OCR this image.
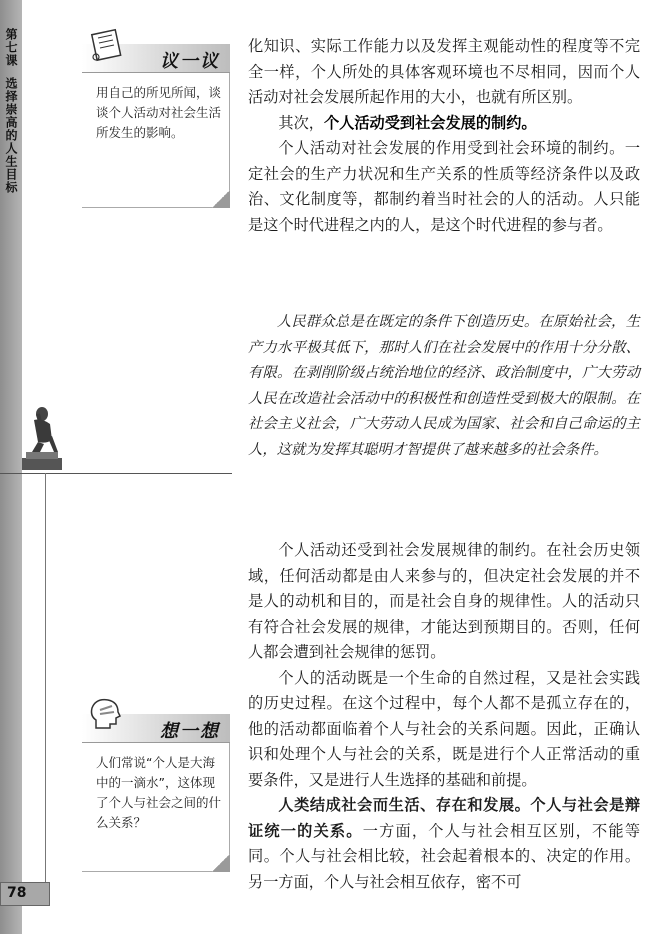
第七课选择崇高的人生目标
议一议
用自己的所见所闻，谈谈个人活动对社会生活所发生的影响。
想一想
人们常说“个人是大海中的一滴水”，这体现了个人与社会之间的什么关系？
78

化知识、实际工作能力以及发挥主观能动性的程度等不完全一样，个人所处的具体客观环境也不尽相同，因而个人活动对社会发展所起作用的大小，也就有所区别。

其次，个人活动受到社会发展的制约。

个人活动对社会发展的作用受到社会环境的制约。一定社会的生产力状况和生产关系的性质等经济条件以及政治、文化制度等，都制约着当时社会的人的活动。人只能是这个时代进程之内的人，是这个时代进程的参与者。

人民群众总是在既定的条件下创造历史。在原始社会，生产力水平极其低下，那时人们在社会发展中的作用十分分散、有限。在剥削阶级占统治地位的经济、政治制度中，广大劳动人民在改造社会活动中的积极性和创造性受到极大的限制。在社会主义社会，广大劳动人民成为国家、社会和自己命运的主人，这就为发挥其聪明才智提供了越来越多的社会条件。

个人活动还受到社会发展规律的制约。在社会历史领域，任何活动都是由人来参与的，但决定社会发展的并不是人的动机和目的，而是社会自身的规律性。人的活动只有符合社会发展的规律，才能达到预期目的。否则，任何人都会遭到社会规律的惩罚。

个人的活动既是一个生命的自然过程，又是社会实践的历史过程。在这个过程中，每个人都不是孤立存在的，他的活动都面临着个人与社会的关系问题。因此，正确认识和处理个人与社会的关系，既是进行个人正常活动的重要条件，又是进行人生选择的基础和前提。

人类结成社会而生活、存在和发展。个人与社会是辩证统一的关系。一方面，个人与社会相互区别，不能等同。个人与社会相比较，社会起着根本的、决定的作用。另一方面，个人与社会相互依存，密不可
